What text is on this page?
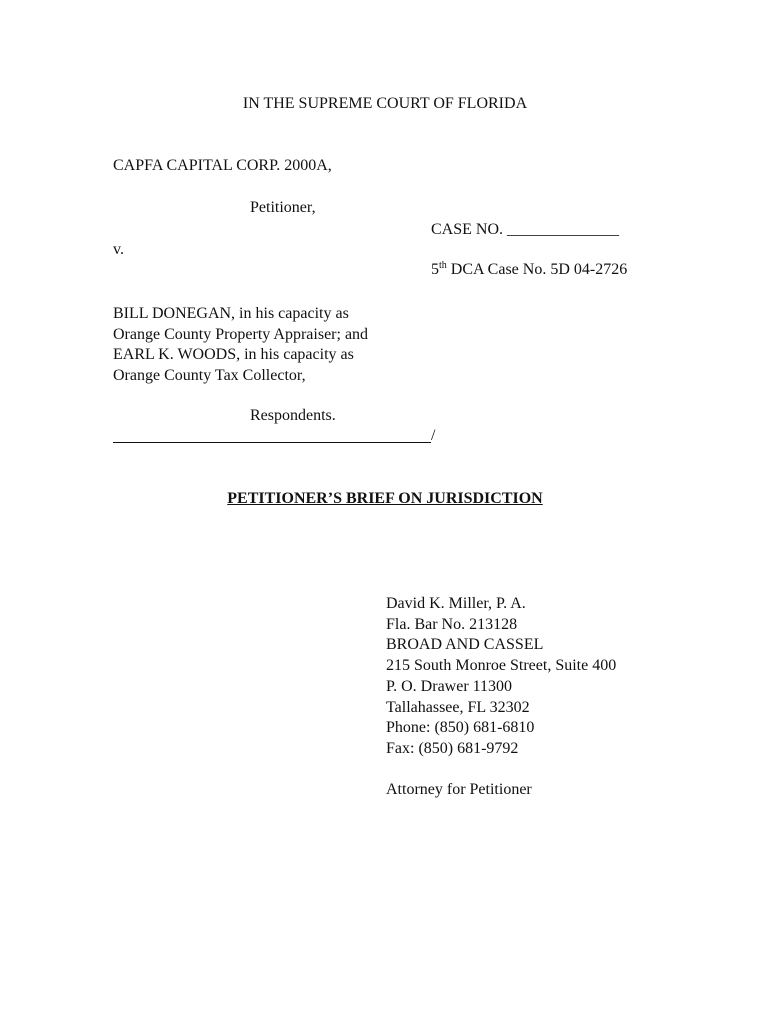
IN THE SUPREME COURT OF FLORIDA
CAPFA CAPITAL CORP. 2000A,
Petitioner,
CASE NO. ______________
v.
5th DCA Case No. 5D 04-2726
BILL DONEGAN, in his capacity as
Orange County Property Appraiser; and
EARL K. WOODS, in his capacity as
Orange County Tax Collector,
Respondents.
/
PETITIONER’S BRIEF ON JURISDICTION
David K. Miller, P. A.
Fla. Bar No. 213128
BROAD AND CASSEL
215 South Monroe Street, Suite 400
P. O. Drawer 11300
Tallahassee, FL 32302
Phone: (850) 681-6810
Fax: (850) 681-9792
Attorney for Petitioner
